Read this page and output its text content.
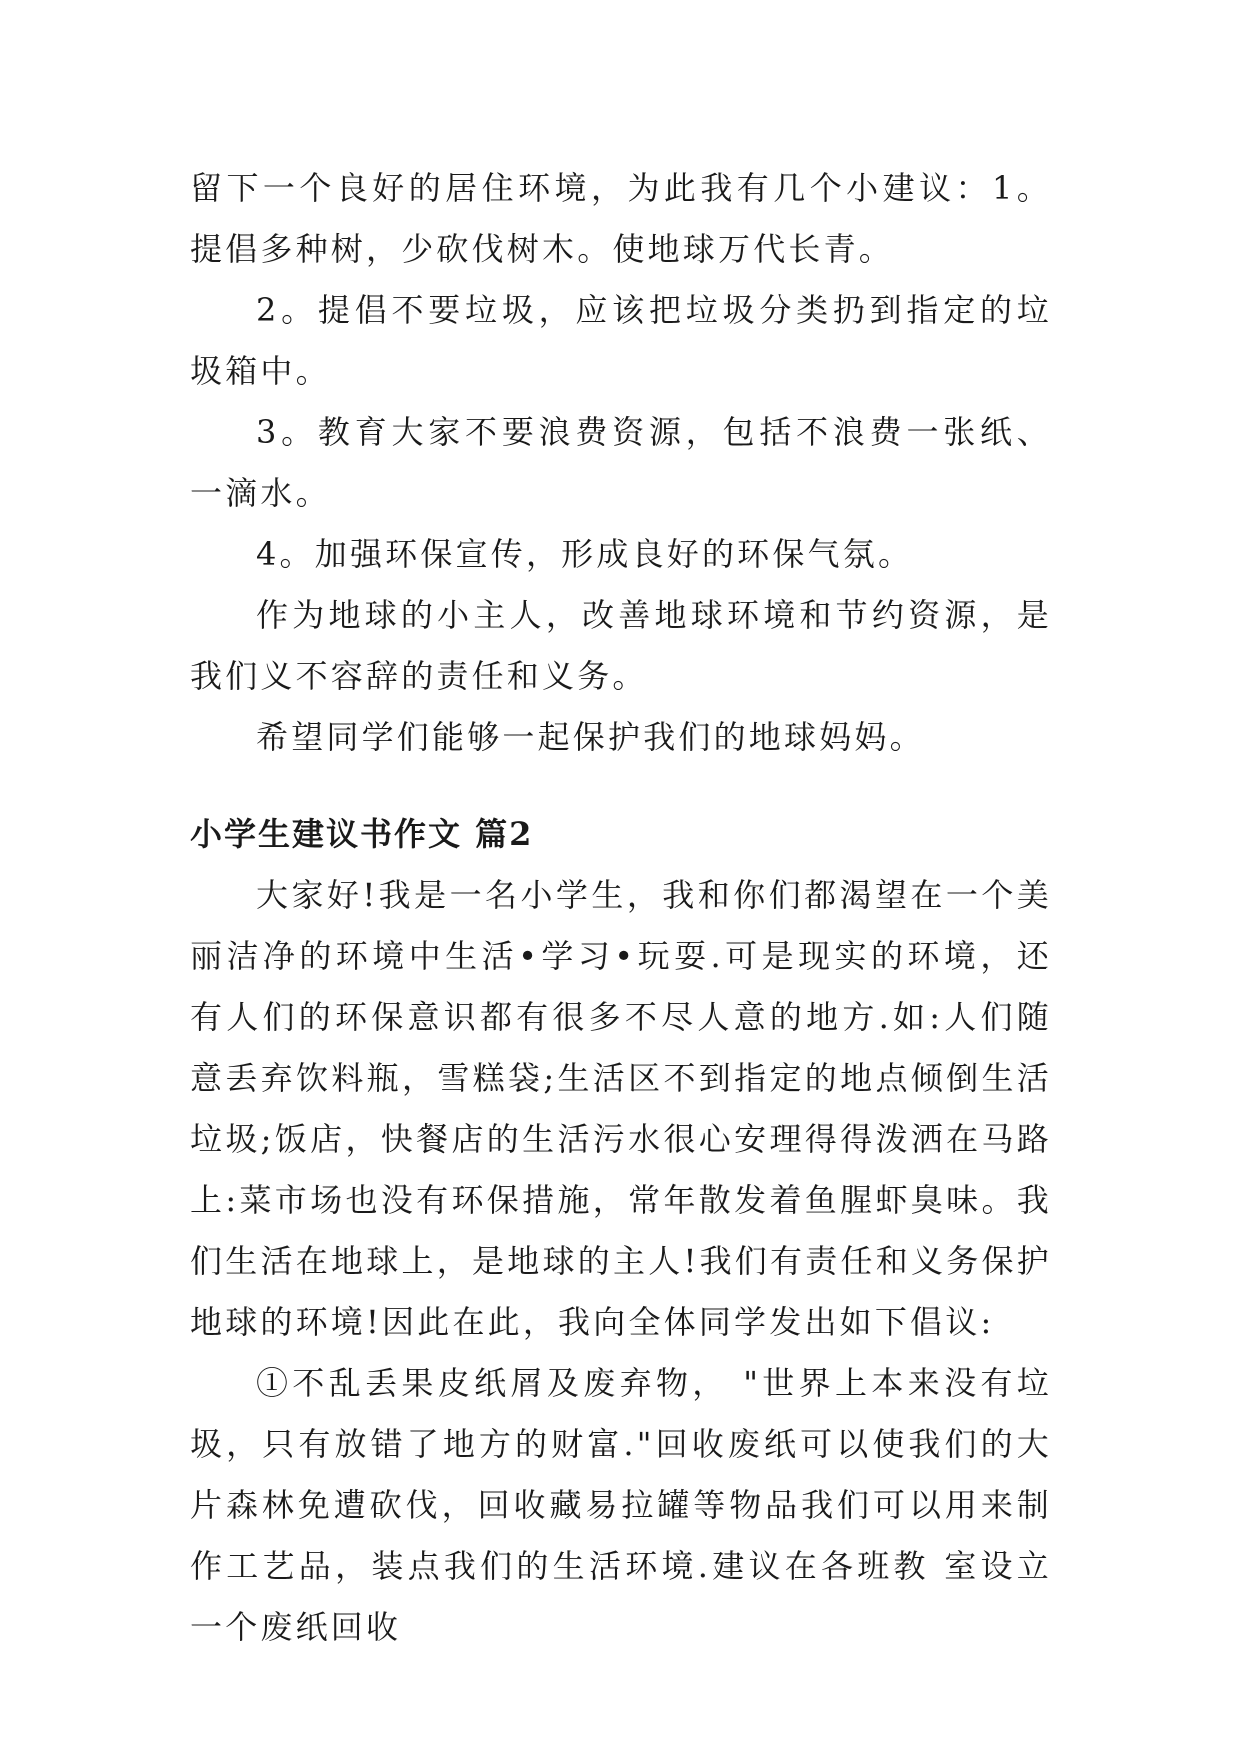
留下一个良好的居住环境，为此我有几个小建议：1。提倡多种树，少砍伐树木。使地球万代长青。

2。提倡不要垃圾，应该把垃圾分类扔到指定的垃圾箱中。

3。教育大家不要浪费资源，包括不浪费一张纸、一滴水。

4。加强环保宣传，形成良好的环保气氛。

作为地球的小主人，改善地球环境和节约资源，是我们义不容辞的责任和义务。

希望同学们能够一起保护我们的地球妈妈。

小学生建议书作文 篇2

大家好!我是一名小学生，我和你们都渴望在一个美丽洁净的环境中生活•学习•玩耍.可是现实的环境，还有人们的环保意识都有很多不尽人意的地方.如:人们随意丢弃饮料瓶，雪糕袋;生活区不到指定的地点倾倒生活垃圾;饭店，快餐店的生活污水很心安理得得泼洒在马路上:菜市场也没有环保措施，常年散发着鱼腥虾臭味。我们生活在地球上，是地球的主人!我们有责任和义务保护地球的环境!因此在此，我向全体同学发出如下倡议:

①不乱丢果皮纸屑及废弃物， "世界上本来没有垃圾，只有放错了地方的财富."回收废纸可以使我们的大片森林免遭砍伐，回收藏易拉罐等物品我们可以用来制作工艺品，装点我们的生活环境.建议在各班教 室设立一个废纸回收
